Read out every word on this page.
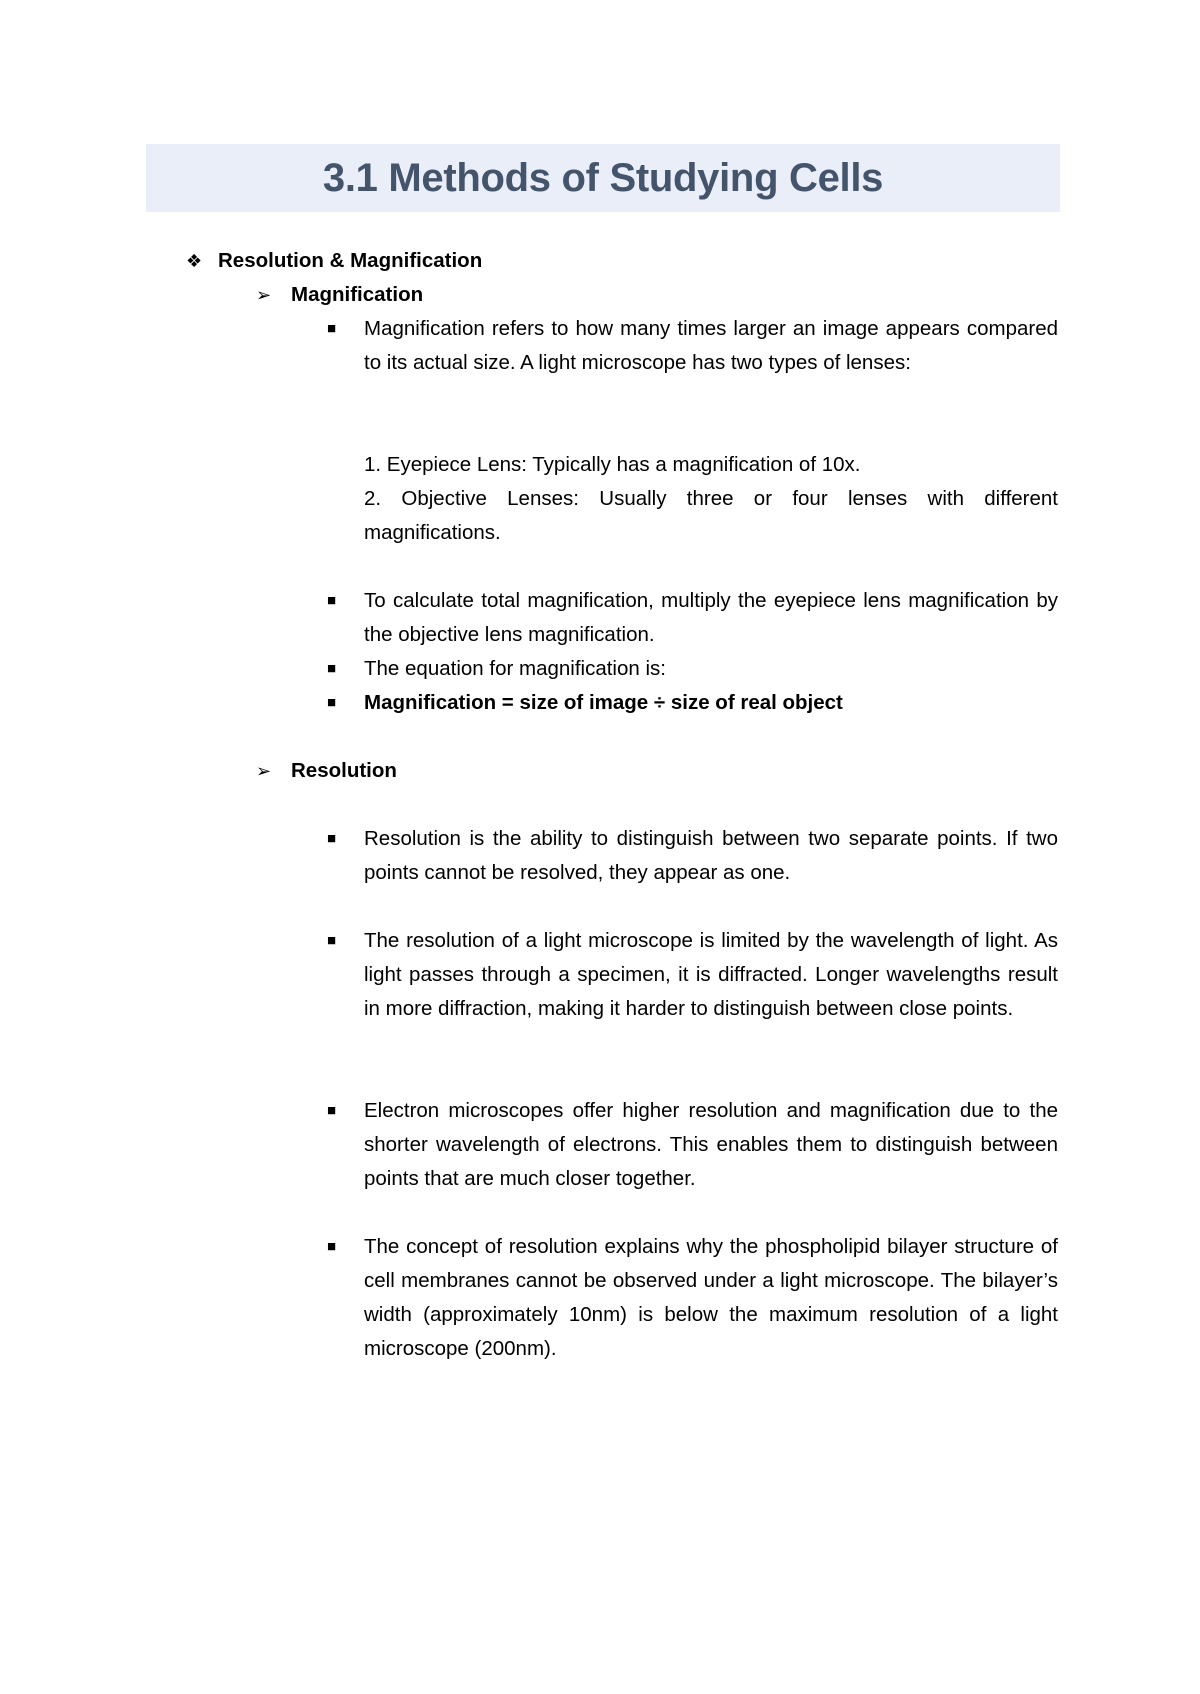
3.1 Methods of Studying Cells
❖ Resolution & Magnification
➢ Magnification
■ Magnification refers to how many times larger an image appears compared to its actual size. A light microscope has two types of lenses:
1. Eyepiece Lens: Typically has a magnification of 10x.
2. Objective Lenses: Usually three or four lenses with different magnifications.
■ To calculate total magnification, multiply the eyepiece lens magnification by the objective lens magnification.
■ The equation for magnification is:
■ Magnification = size of image ÷ size of real object
➢ Resolution
■ Resolution is the ability to distinguish between two separate points. If two points cannot be resolved, they appear as one.
■ The resolution of a light microscope is limited by the wavelength of light. As light passes through a specimen, it is diffracted. Longer wavelengths result in more diffraction, making it harder to distinguish between close points.
■ Electron microscopes offer higher resolution and magnification due to the shorter wavelength of electrons. This enables them to distinguish between points that are much closer together.
■ The concept of resolution explains why the phospholipid bilayer structure of cell membranes cannot be observed under a light microscope. The bilayer’s width (approximately 10nm) is below the maximum resolution of a light microscope (200nm).
